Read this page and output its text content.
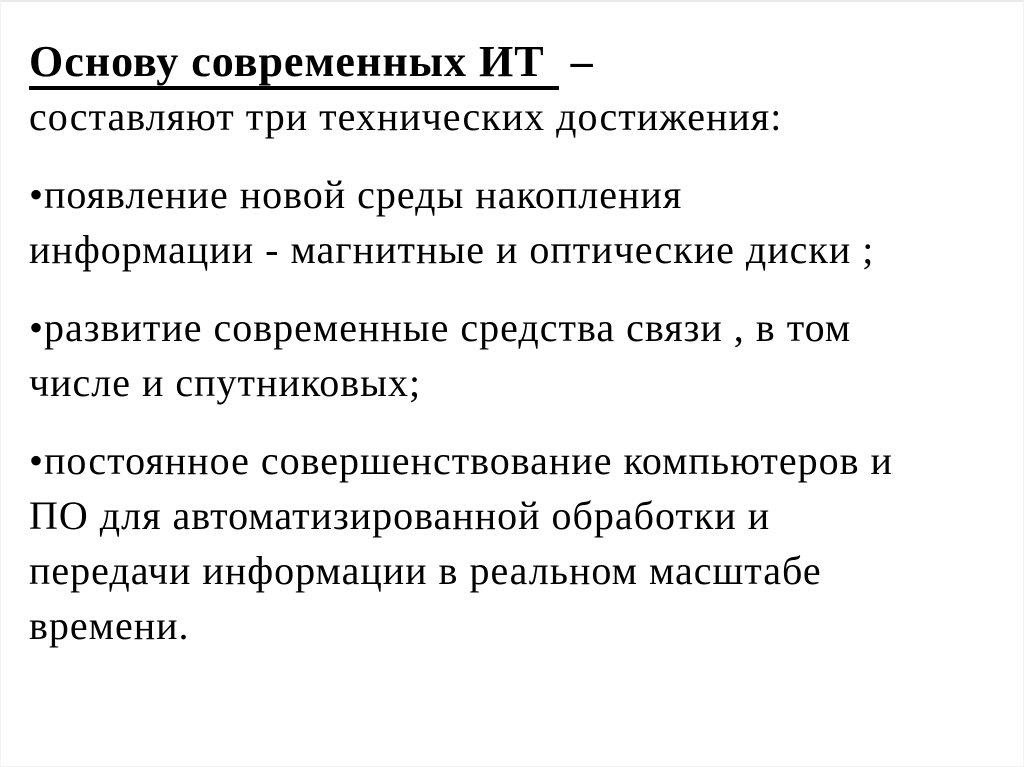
Основу современных ИТ –
составляют три технических достижения:

•появление новой среды накопления
информации - магнитные и оптические диски ;

•развитие современные средства связи , в том
числе и спутниковых;

•постоянное совершенствование компьютеров и
ПО для автоматизированной обработки и
передачи информации в реальном масштабе
времени.
